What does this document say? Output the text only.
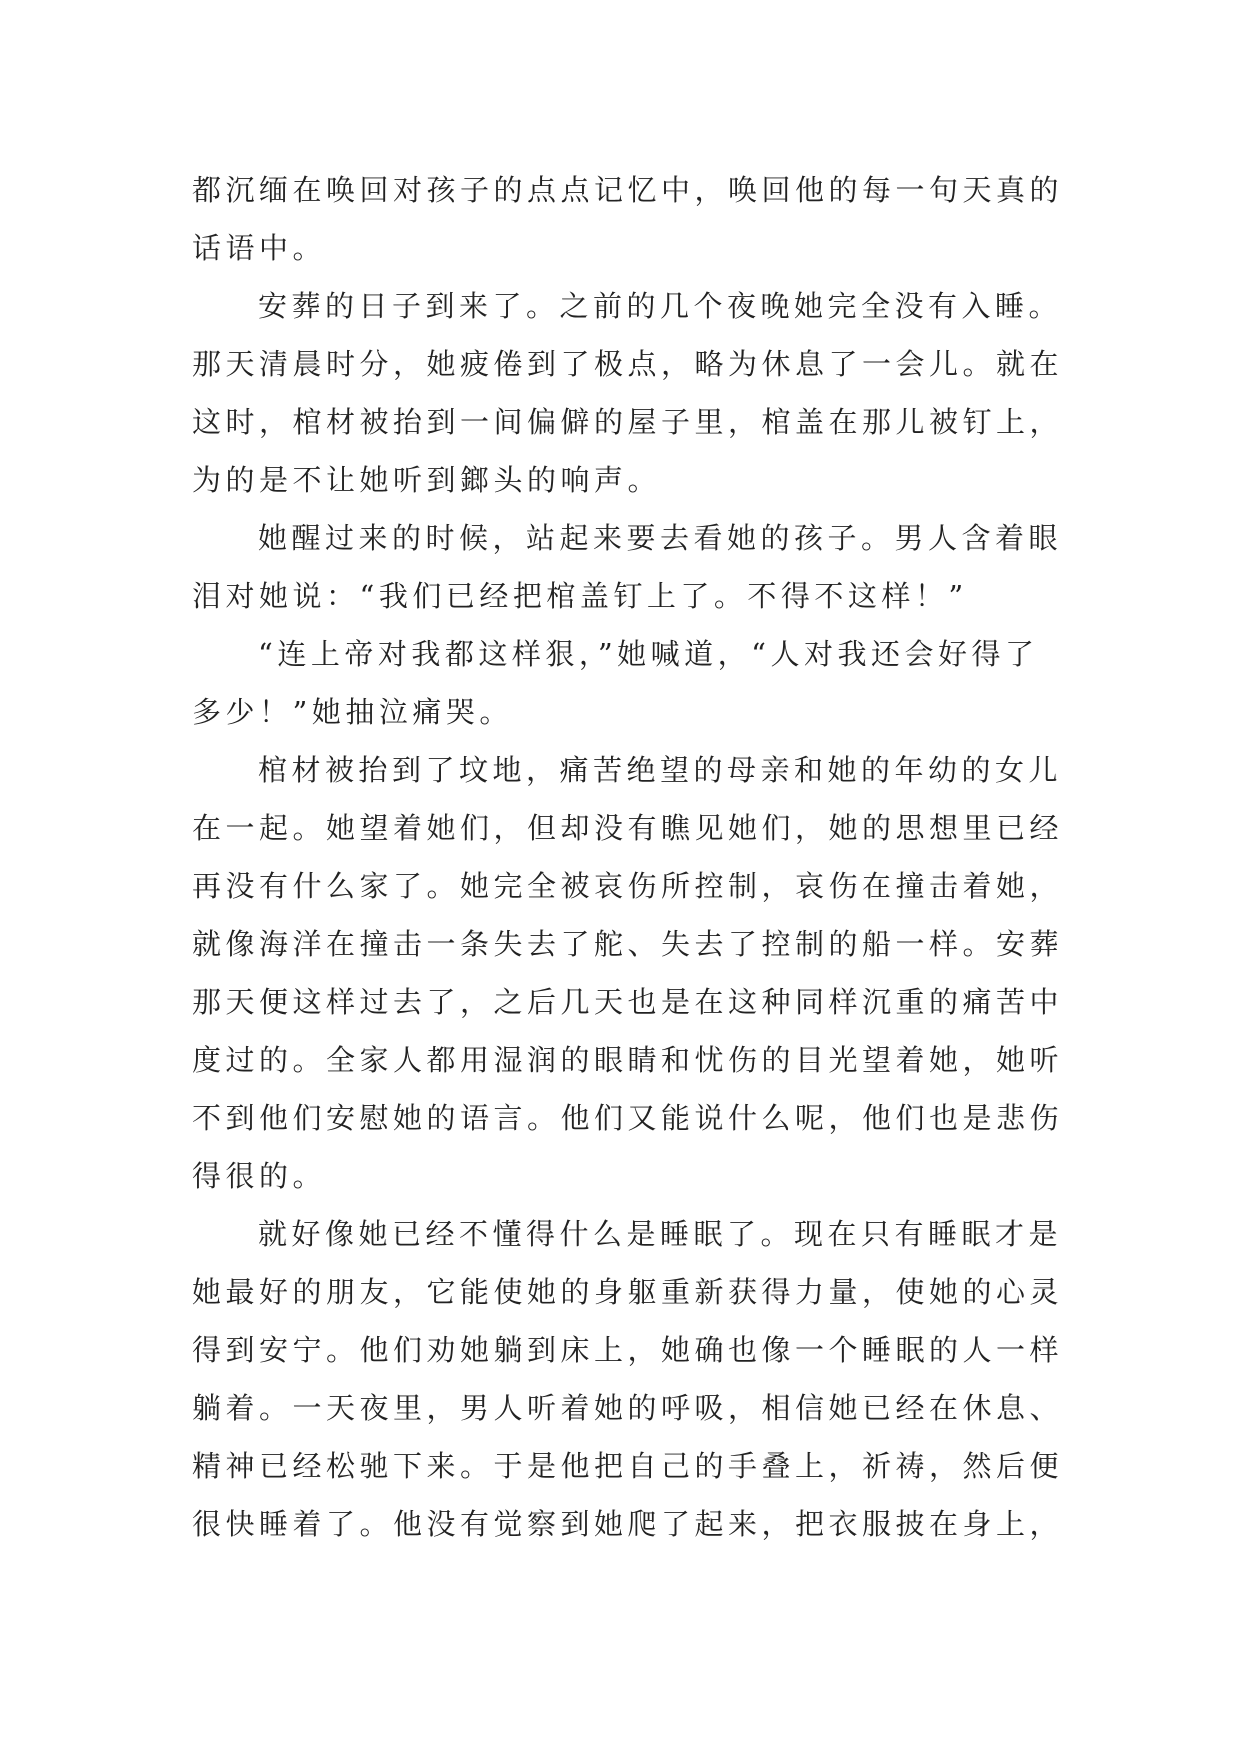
都沉缅在唤回对孩子的点点记忆中，唤回他的每一句天真的
话语中。
安葬的日子到来了。之前的几个夜晚她完全没有入睡。
那天清晨时分，她疲倦到了极点，略为休息了一会儿。就在
这时，棺材被抬到一间偏僻的屋子里，棺盖在那儿被钉上，
为的是不让她听到鎯头的响声。
她醒过来的时候，站起来要去看她的孩子。男人含着眼
泪对她说：“我们已经把棺盖钉上了。不得不这样！”
“连上帝对我都这样狠，”她喊道，“人对我还会好得了
多少！”她抽泣痛哭。
棺材被抬到了坟地，痛苦绝望的母亲和她的年幼的女儿
在一起。她望着她们，但却没有瞧见她们，她的思想里已经
再没有什么家了。她完全被哀伤所控制，哀伤在撞击着她，
就像海洋在撞击一条失去了舵、失去了控制的船一样。安葬
那天便这样过去了，之后几天也是在这种同样沉重的痛苦中
度过的。全家人都用湿润的眼睛和忧伤的目光望着她，她听
不到他们安慰她的语言。他们又能说什么呢，他们也是悲伤
得很的。
就好像她已经不懂得什么是睡眠了。现在只有睡眠才是
她最好的朋友，它能使她的身躯重新获得力量，使她的心灵
得到安宁。他们劝她躺到床上，她确也像一个睡眠的人一样
躺着。一天夜里，男人听着她的呼吸，相信她已经在休息、
精神已经松驰下来。于是他把自己的手叠上，祈祷，然后便
很快睡着了。他没有觉察到她爬了起来，把衣服披在身上，
